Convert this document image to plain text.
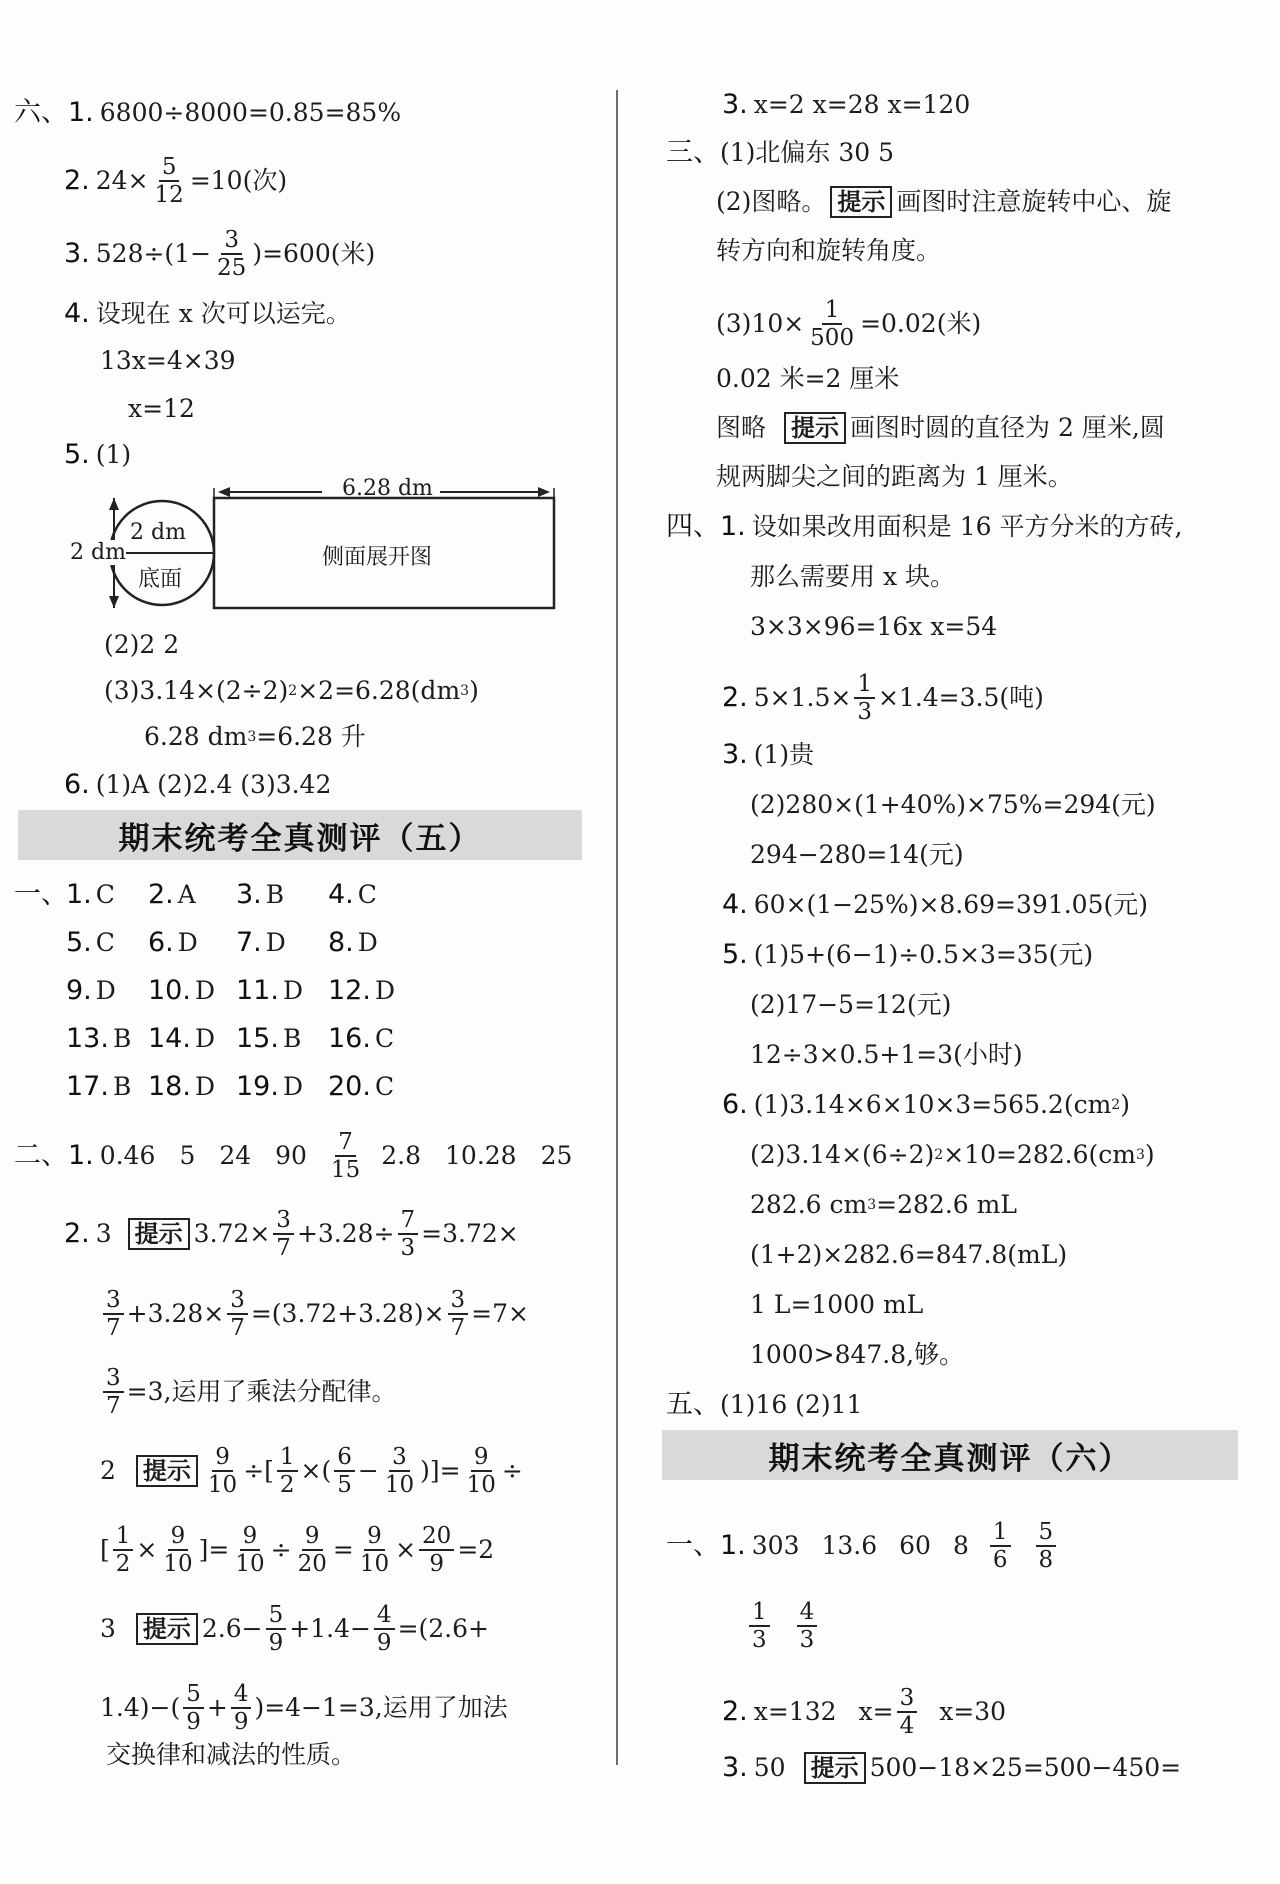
六、 1. 6800÷8000=0.85=85%
2. $24\times \frac{5}{12} =10$(次)
3. $528\div(1- \frac{3}{25} )=600$(米)
4. 设现在 x 次可以运完。
13x=4×39
x=12
5. (1)
6.28 dm
2 dm
2 dm
底面
侧面展开图
(2)2 2
(3)3.14×(2÷2) 2 ×2=6.28(dm 3 )
6.28 dm 3 =6.28 升
6. (1)A (2)2.4 (3)3.42
期末统考全真测评（五）
一、
1. C 2. A 3. B 4. C
5. C 6. D 7. D 8. D
9. D 10. D 11. D 12. D
13. B 14. D 15. B 16. C
17. B 18. D 19. D 20. C
二、 1. 0.46 5 24 $90 \frac{7}{15} 2.8$ 10.28 25
2. 3 提示 $3.72\times \frac{3}{7} +3.28\div \frac{7}{3} =3.72\times$
$\frac{3}{7} +3.28\times \frac{3}{7} =(3.72+3.28)\times \frac{3}{7} =7\times$
$\frac{3}{7} =3$,运用了乘法分配律。
2 提示 $\frac{9}{10}$ ÷[ $\frac{1}{2}$ ×( $\frac{6}{5} - \frac{3}{10}$ )]= $\frac{9}{10}$ ÷
[ $\frac{1}{2} \times \frac{9}{10}$ ]= $\frac{9}{10} \div \frac{9}{20} = \frac{9}{10} \times \frac{20}{9} =2$
3 提示 $2.6- \frac{5}{9} +1.4- \frac{4}{9} =(2.6+$
$1.4)-( \frac{5}{9} + \frac{4}{9} )=4-1=3$,运用了加法
交换律和减法的性质。
3. x=2 x=28 x=120
三、 (1)北偏东 30 5
(2)图略。 提示 画图时注意旋转中心、旋
转方向和旋转角度。
$(3)10\times \frac{1}{500} =0.02$(米)
0.02 米=2 厘米
图略 提示 画图时圆的直径为 2 厘米,圆
规两脚尖之间的距离为 1 厘米。
四、 1. 设如果改用面积是 16 平方分米的方砖,
那么需要用 x 块。
3×3×96=16x x=54
2. $5\times 1.5\times \frac{1}{3} \times 1.4=3.5$(吨)
3. (1)贵
(2)280×(1+40%)×75%=294(元)
294−280=14(元)
4. 60×(1−25%)×8.69=391.05(元)
5. (1)5+(6−1)÷0.5×3=35(元)
(2)17−5=12(元)
12÷3×0.5+1=3(小时)
6. (1)3.14×6×10×3=565.2(cm 2 )
(2)3.14×(6÷2) 2 ×10=282.6(cm 3 )
282.6 cm 3 =282.6 mL
(1+2)×282.6=847.8(mL)
1 L=1000 mL
1000>847.8,够。
五、 (1)16 (2)11
期末统考全真测评（六）
一、 1. 303 13.6 60 $8 \frac{1}{6} \frac{5}{8}$
$\frac{1}{3} \frac{4}{3}$
2. x=132 $x= \frac{3}{4} x=30$
3. 50 提示 500−18×25=500−450=
